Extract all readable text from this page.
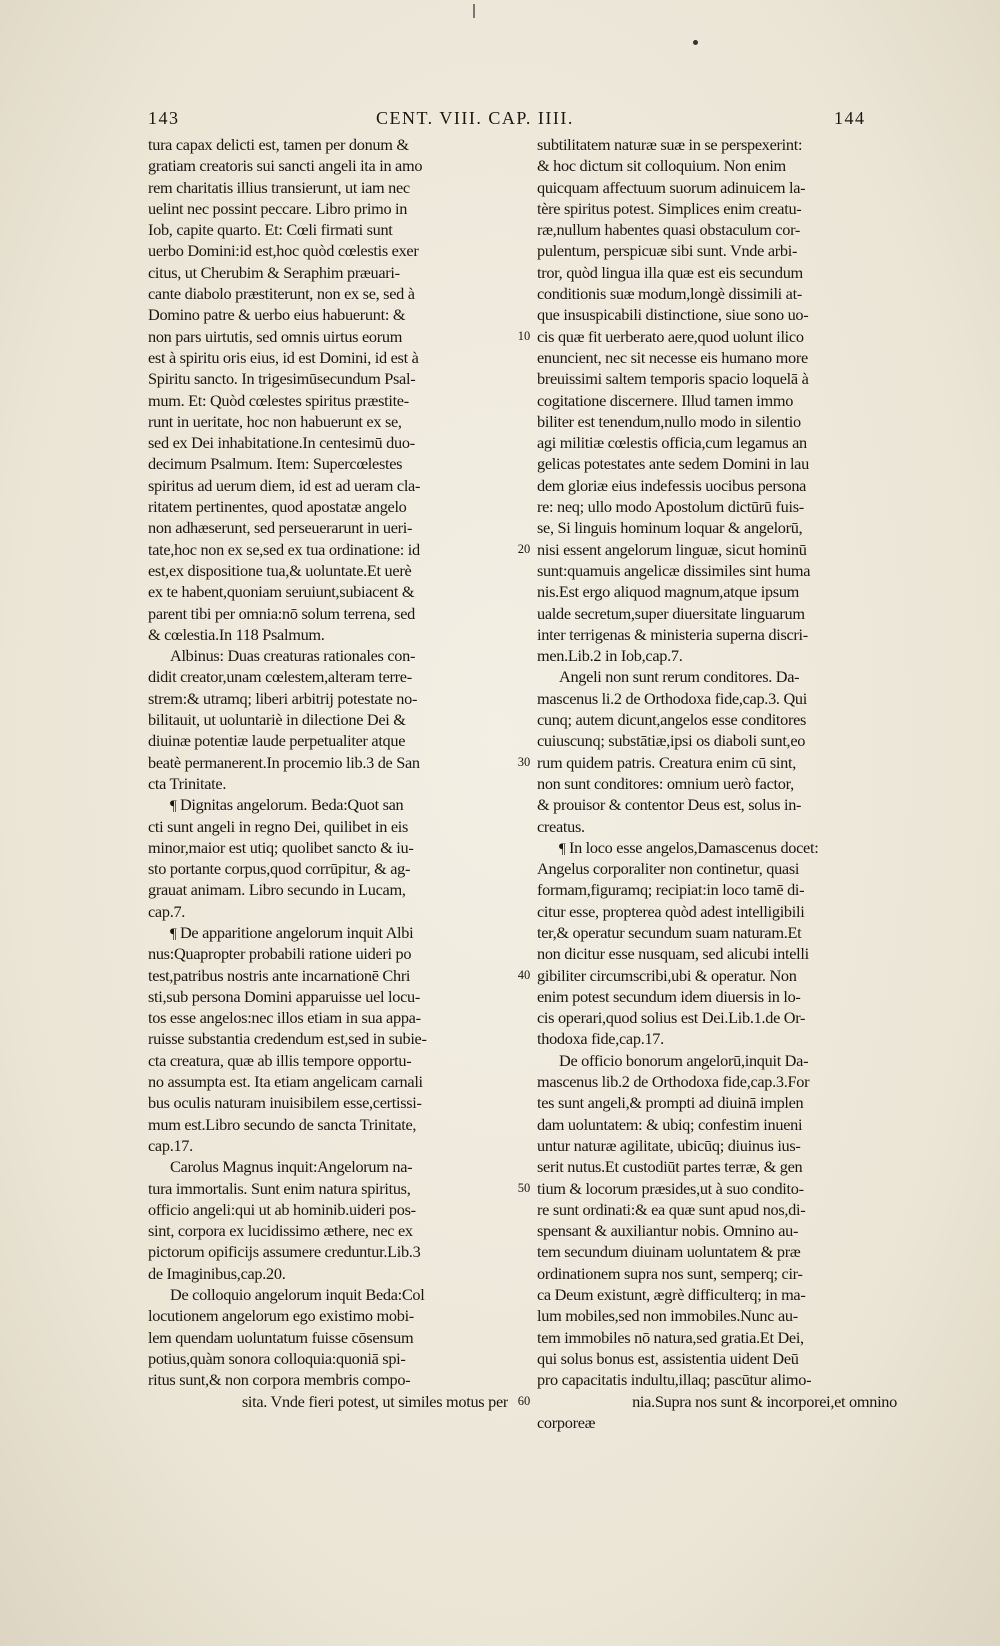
143	CENT. VIII. CAP. IIII.	144
tura capax delicti est, tamen per donum &
gratiam creatoris sui sancti angeli ita in amo
rem charitatis illius transierunt, ut iam nec
uelint nec possint peccare. Libro primo in
Iob, capite quarto. Et: Cœli firmati sunt
uerbo Domini:id est,hoc quòd cœlestis exer
citus, ut Cherubim & Seraphim præuari-
cante diabolo præstiterunt, non ex se, sed à
Domino patre & uerbo eius habuerunt: &
non pars uirtutis, sed omnis uirtus eorum
est à spiritu oris eius, id est Domini, id est à
Spiritu sancto. In trigesimūsecundum Psal-
mum. Et: Quòd cœlestes spiritus præstite-
runt in ueritate, hoc non habuerunt ex se,
sed ex Dei inhabitatione.In centesimū duo-
decimum Psalmum. Item: Supercœlestes
spiritus ad uerum diem, id est ad ueram cla-
ritatem pertinentes, quod apostatæ angelo
non adhæserunt, sed perseuerarunt in ueri-
tate,hoc non ex se,sed ex tua ordinatione: id
est,ex dispositione tua,& uoluntate.Et uerè
ex te habent,quoniam seruiunt,subiacent &
parent tibi per omnia:nō solum terrena, sed
& cœlestia.In 118 Psalmum.
Albinus: Duas creaturas rationales con-
didit creator,unam cœlestem,alteram terre-
strem:& utramq; liberi arbitrij potestate no-
bilitauit, ut uoluntariè in dilectione Dei &
diuinæ potentiæ laude perpetualiter atque
beatè permanerent.In procemio lib.3 de San
cta Trinitate.
¶ Dignitas angelorum. Beda:Quot san
cti sunt angeli in regno Dei, quilibet in eis
minor,maior est utiq; quolibet sancto & iu-
sto portante corpus,quod corrūpitur, & ag-
grauat animam. Libro secundo in Lucam,
cap.7.
¶ De apparitione angelorum inquit Albi
nus:Quapropter probabili ratione uideri po
test,patribus nostris ante incarnationē Chri
sti,sub persona Domini apparuisse uel locu-
tos esse angelos:nec illos etiam in sua appa-
ruisse substantia credendum est,sed in subie-
cta creatura, quæ ab illis tempore opportu-
no assumpta est. Ita etiam angelicam carnali
bus oculis naturam inuisibilem esse,certissi-
mum est.Libro secundo de sancta Trinitate,
cap.17.
Carolus Magnus inquit:Angelorum na-
tura immortalis. Sunt enim natura spiritus,
officio angeli:qui ut ab hominib.uideri pos-
sint, corpora ex lucidissimo æthere, nec ex
pictorum opificijs assumere creduntur.Lib.3
de Imaginibus,cap.20.
De colloquio angelorum inquit Beda:Col
locutionem angelorum ego existimo mobi-
lem quendam uoluntatum fuisse cōsensum
potius,quàm sonora colloquia:quoniā spi-
ritus sunt,& non corpora membris compo-
sita. Vnde fieri potest, ut similes motus per
subtilitatem naturæ suæ in se perspexerint:
& hoc dictum sit colloquium. Non enim
quicquam affectuum suorum adinuicem la-
tère spiritus potest. Simplices enim creatu-
ræ,nullum habentes quasi obstaculum cor-
pulentum, perspicuæ sibi sunt. Vnde arbi-
tror, quòd lingua illa quæ est eis secundum
conditionis suæ modum,longè dissimili at-
que insuspicabili distinctione, siue sono uo-
cis quæ fit uerberato aere,quod uolunt ilico
enuncient, nec sit necesse eis humano more
breuissimi saltem temporis spacio loquelā à
cogitatione discernere. Illud tamen immo
biliter est tenendum,nullo modo in silentio
agi militiæ cœlestis officia,cum legamus an
gelicas potestates ante sedem Domini in lau
dem gloriæ eius indefessis uocibus persona
re: neq; ullo modo Apostolum dictūrū fuis-
se, Si linguis hominum loquar & angelorū,
nisi essent angelorum linguæ, sicut hominū
sunt:quamuis angelicæ dissimiles sint huma
nis.Est ergo aliquod magnum,atque ipsum
ualde secretum,super diuersitate linguarum
inter terrigenas & ministeria superna discri-
men.Lib.2 in Iob,cap.7.
Angeli non sunt rerum conditores. Da-
mascenus li.2 de Orthodoxa fide,cap.3. Qui
cunq; autem dicunt,angelos esse conditores
cuiuscunq; substātiæ,ipsi os diaboli sunt,eo
rum quidem patris. Creatura enim cū sint,
non sunt conditores: omnium uerò factor,
& prouisor & contentor Deus est, solus in-
creatus.
¶ In loco esse angelos,Damascenus docet:
Angelus corporaliter non continetur, quasi
formam,figuramq; recipiat:in loco tamē di-
citur esse, propterea quòd adest intelligibili
ter,& operatur secundum suam naturam.Et
non dicitur esse nusquam, sed alicubi intelli
gibiliter circumscribi,ubi & operatur. Non
enim potest secundum idem diuersis in lo-
cis operari,quod solius est Dei.Lib.1.de Or-
thodoxa fide,cap.17.
De officio bonorum angelorū,inquit Da-
mascenus lib.2 de Orthodoxa fide,cap.3.For
tes sunt angeli,& prompti ad diuinā implen
dam uoluntatem: & ubiq; confestim inueni
untur naturæ agilitate, ubicūq; diuinus ius-
serit nutus.Et custodiūt partes terræ, & gen
tium & locorum præsides,ut à suo condito-
re sunt ordinati:& ea quæ sunt apud nos,di-
spensant & auxiliantur nobis. Omnino au-
tem secundum diuinam uoluntatem & præ
ordinationem supra nos sunt, semperq; cir-
ca Deum existunt, ægrè difficulterq; in ma-
lum mobiles,sed non immobiles.Nunc au-
tem immobiles nō natura,sed gratia.Et Dei,
qui solus bonus est, assistentia uident Deū
pro capacitatis indultu,illaq; pascūtur alimo-
nia.Supra nos sunt & incorporei,et omnino
corporeæ
10
20
30
40
50
60
